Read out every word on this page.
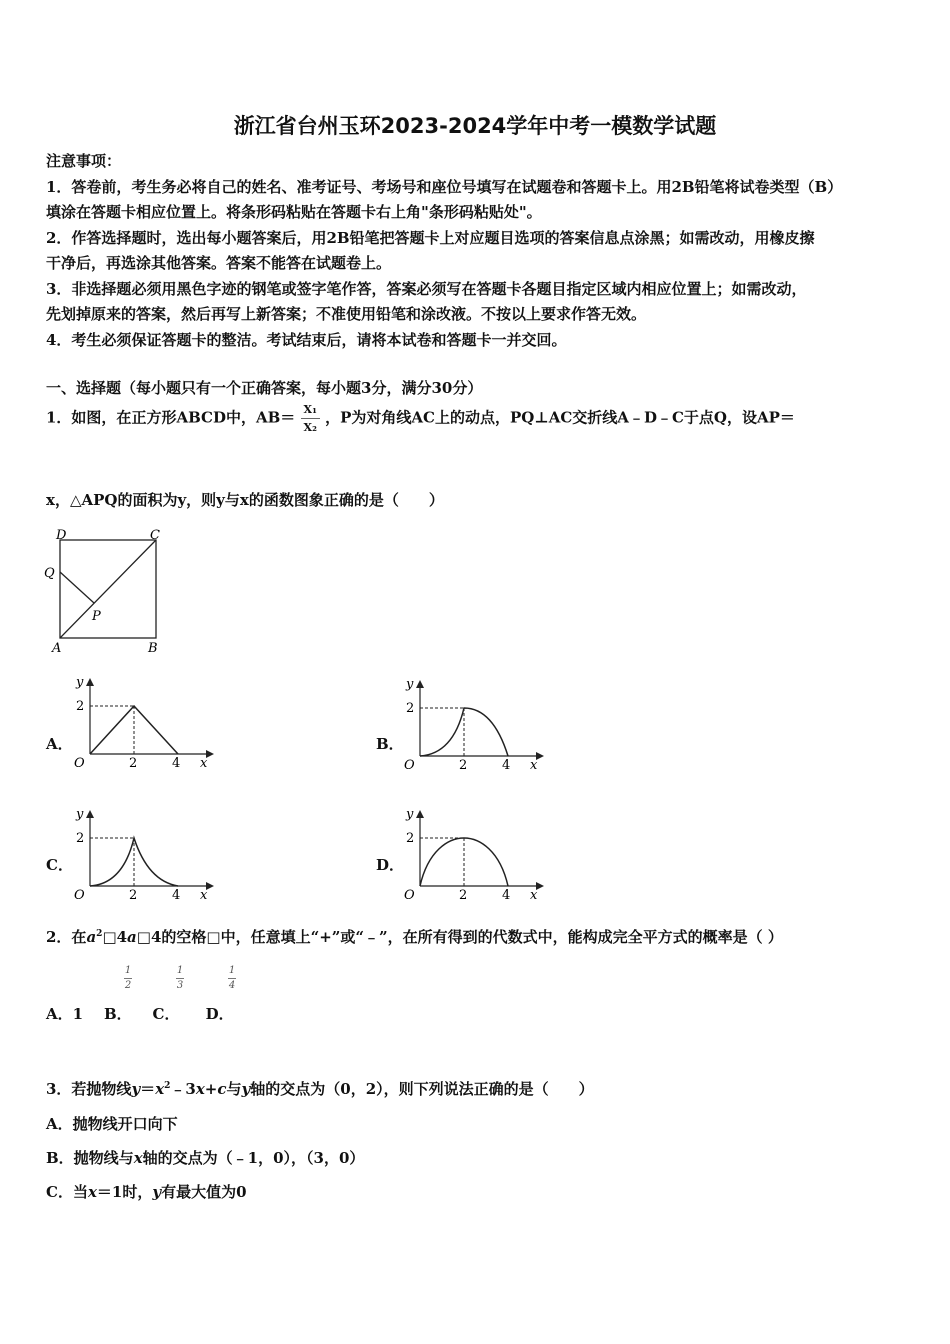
浙江省台州玉环2023-2024学年中考一模数学试题
注意事项：
1．答卷前，考生务必将自己的姓名、准考证号、考场号和座位号填写在试题卷和答题卡上。用2B铅笔将试卷类型（B）
填涂在答题卡相应位置上。将条形码粘贴在答题卡右上角"条形码粘贴处"。
2．作答选择题时，选出每小题答案后，用2B铅笔把答题卡上对应题目选项的答案信息点涂黑；如需改动，用橡皮擦
干净后，再选涂其他答案。答案不能答在试题卷上。
3．非选择题必须用黑色字迹的钢笔或签字笔作答，答案必须写在答题卡各题目指定区域内相应位置上；如需改动，
先划掉原来的答案，然后再写上新答案；不准使用铅笔和涂改液。不按以上要求作答无效。
4．考生必须保证答题卡的整洁。考试结束后，请将本试卷和答题卡一并交回。
一、选择题（每小题只有一个正确答案，每小题3分，满分30分）
1．如图，在正方形ABCD中，$AB= \frac{\text{X₁}}{\text{X₂}}$ ，P为对角线AC上的动点，PQ⊥AC交折线A﹣D﹣C于点Q，设AP＝
x，△APQ的面积为y，则y与x的函数图象正确的是（　　）
D	C
Q
P
A	B
A．	B．
C．	D．
y
2
O	2	4 x
y
2
O	2	4 x
y
2
O	2	4 x
y
2
O	2	4 x
2．在$a^2□4a□4$的空格□中，任意填上“+”或“﹣”，在所有得到的代数式中，能构成完全平方式的概率是（ ）
1
2
1
3
1
4
A．1    B．    C．     D．
3．若抛物线$y=x^2﹣3x+c$与y轴的交点为（0，2），则下列说法正确的是（　　）
A．抛物线开口向下
B．抛物线与x轴的交点为（﹣1，0），（3，0）
C．当x＝1时，y有最大值为0
